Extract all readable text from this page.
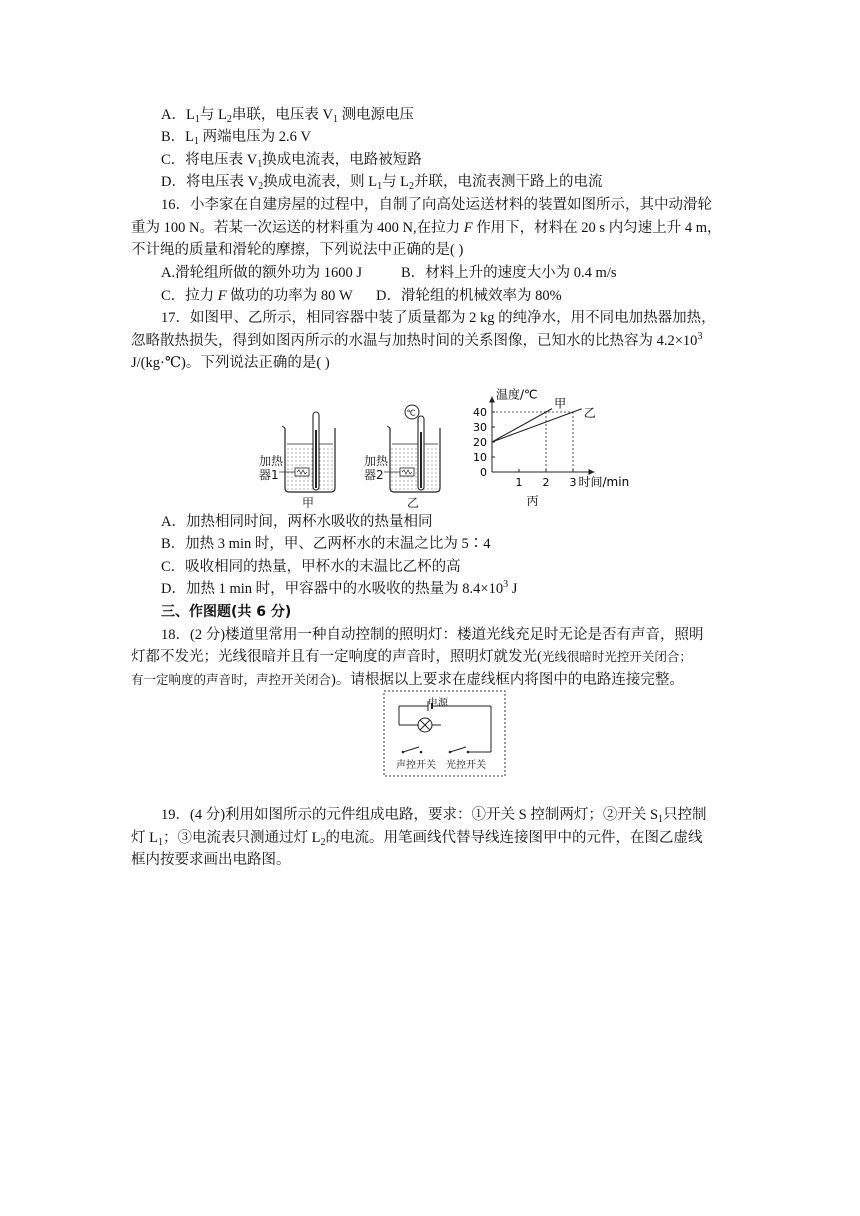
A．$L_1$与 $L_2$串联，电压表 $V_1$ 测电源电压
B．$L_1$ 两端电压为 2.6 V
C．将电压表 $V_1$换成电流表，电路被短路
D．将电压表 $V_2$换成电流表，则 $L_1$与 $L_2$并联，电流表测干路上的电流
16．小李家在自建房屋的过程中，自制了向高处运送材料的装置如图所示，其中动滑轮
重为 100 N。若某一次运送的材料重为 400 N,在拉力 F 作用下，材料在 20 s 内匀速上升 4 m，
不计绳的质量和滑轮的摩擦，下列说法中正确的是( )
A.滑轮组所做的额外功为 1600 J	B．材料上升的速度大小为 0.4 m/s
C．拉力 F 做功的功率为 80 W D．滑轮组的机械效率为 80%
17．如图甲、乙所示，相同容器中装了质量都为 2 kg 的纯净水，用不同电加热器加热，
忽略散热损失，得到如图丙所示的水温与加热时间的关系图像，已知水的比热容为 $4.2\times 10^3$
J/(kg·℃)。下列说法正确的是( )
℃
加热
器1
加热
器2
甲	乙
0
10
20
30
40
1 2 3
甲
乙
温度/℃
时间/min
丙
A．加热相同时间，两杯水吸收的热量相同
B．加热 3 min 时，甲、乙两杯水的末温之比为 5∶4
C．吸收相同的热量，甲杯水的末温比乙杯的高
D．加热 1 min 时，甲容器中的水吸收的热量为 $8.4\times 10^3$ J
三、作图题(共 6 分)
18．(2 分)楼道里常用一种自动控制的照明灯：楼道光线充足时无论是否有声音，照明
灯都不发光；光线很暗并且有一定响度的声音时，照明灯就发光(光线很暗时光控开关闭合；
有一定响度的声音时，声控开关闭合)。请根据以上要求在虚线框内将图中的电路连接完整。
电源
声控开关 光控开关
19．(4 分)利用如图所示的元件组成电路，要求：①开关 S 控制两灯；②开关 $S_1$只控制
灯 $L_1$；③电流表只测通过灯 $L_2$的电流。用笔画线代替导线连接图甲中的元件，在图乙虚线
框内按要求画出电路图。
